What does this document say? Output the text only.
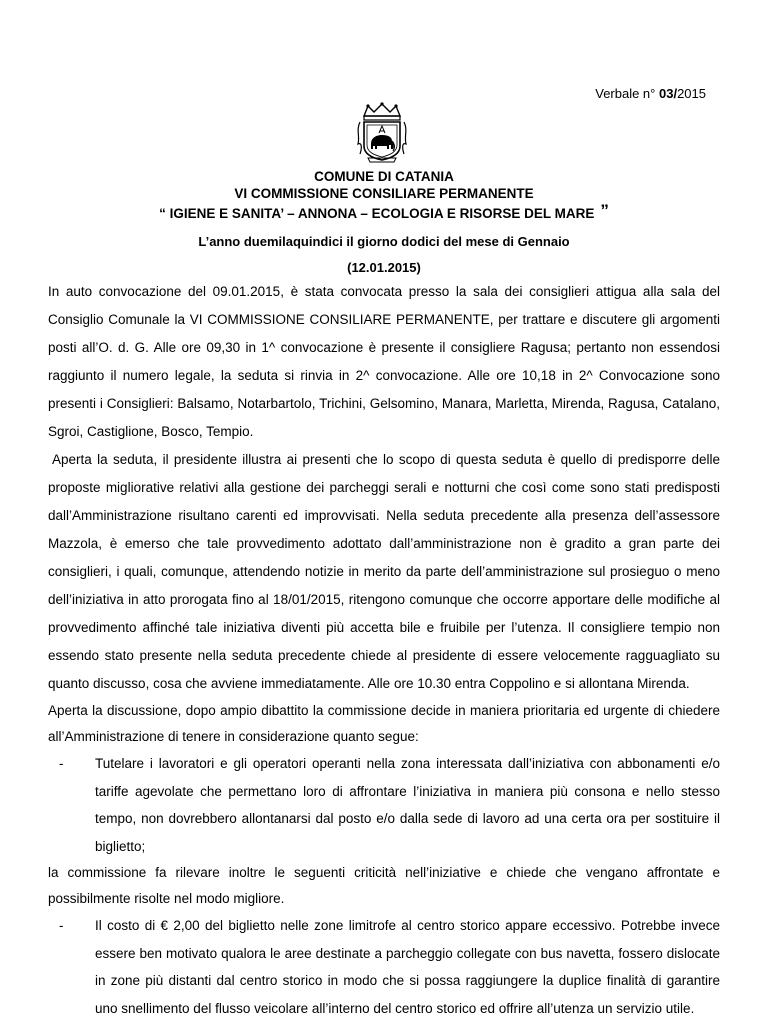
Verbale n° 03/2015
COMUNE DI CATANIA
VI COMMISSIONE CONSILIARE PERMANENTE
“ IGIENE E SANITA’ – ANNONA – ECOLOGIA E RISORSE DEL MARE ”
L’anno duemilaquindici il giorno dodici del mese di Gennaio
(12.01.2015)

In auto convocazione del 09.01.2015, è stata convocata presso la sala dei consiglieri attigua alla sala del Consiglio Comunale la VI COMMISSIONE CONSILIARE PERMANENTE, per trattare e discutere gli argomenti posti all’O. d. G. Alle ore 09,30 in 1^ convocazione è presente il consigliere Ragusa; pertanto non essendosi raggiunto il numero legale, la seduta si rinvia in 2^ convocazione. Alle ore 10,18 in 2^ Convocazione sono presenti i Consiglieri: Balsamo, Notarbartolo, Trichini, Gelsomino, Manara, Marletta, Mirenda, Ragusa, Catalano, Sgroi, Castiglione, Bosco, Tempio.

Aperta la seduta, il presidente illustra ai presenti che lo scopo di questa seduta è quello di predisporre delle proposte migliorative relativi alla gestione dei parcheggi serali e notturni che così come sono stati predisposti dall’Amministrazione risultano carenti ed improvvisati. Nella seduta precedente alla presenza dell’assessore Mazzola, è emerso che tale provvedimento adottato dall’amministrazione non è gradito a gran parte dei consiglieri, i quali, comunque, attendendo notizie in merito da parte dell’amministrazione sul prosieguo o meno dell’iniziativa in atto prorogata fino al 18/01/2015, ritengono comunque che occorre apportare delle modifiche al provvedimento affinché tale iniziativa diventi più accetta bile e fruibile per l’utenza. Il consigliere tempio non essendo stato presente nella seduta precedente chiede al presidente di essere velocemente ragguagliato su quanto discusso, cosa che avviene immediatamente. Alle ore 10.30 entra Coppolino e si allontana Mirenda.

Aperta la discussione, dopo ampio dibattito la commissione decide in maniera prioritaria ed urgente di chiedere all’Amministrazione di tenere in considerazione quanto segue:

- Tutelare i lavoratori e gli operatori operanti nella zona interessata dall’iniziativa con abbonamenti e/o tariffe agevolate che permettano loro di affrontare l’iniziativa in maniera più consona e nello stesso tempo, non dovrebbero allontanarsi dal posto e/o dalla sede di lavoro ad una certa ora per sostituire il biglietto;

la commissione fa rilevare inoltre le seguenti criticità nell’iniziative e chiede che vengano affrontate e possibilmente risolte nel modo migliore.

- Il costo di € 2,00 del biglietto nelle zone limitrofe al centro storico appare eccessivo. Potrebbe invece essere ben motivato qualora le aree destinate a parcheggio collegate con bus navetta, fossero dislocate in zone più distanti dal centro storico in modo che si possa raggiungere la duplice finalità di garantire uno snellimento del flusso veicolare all’interno del centro storico ed offrire all’utenza un servizio utile.
